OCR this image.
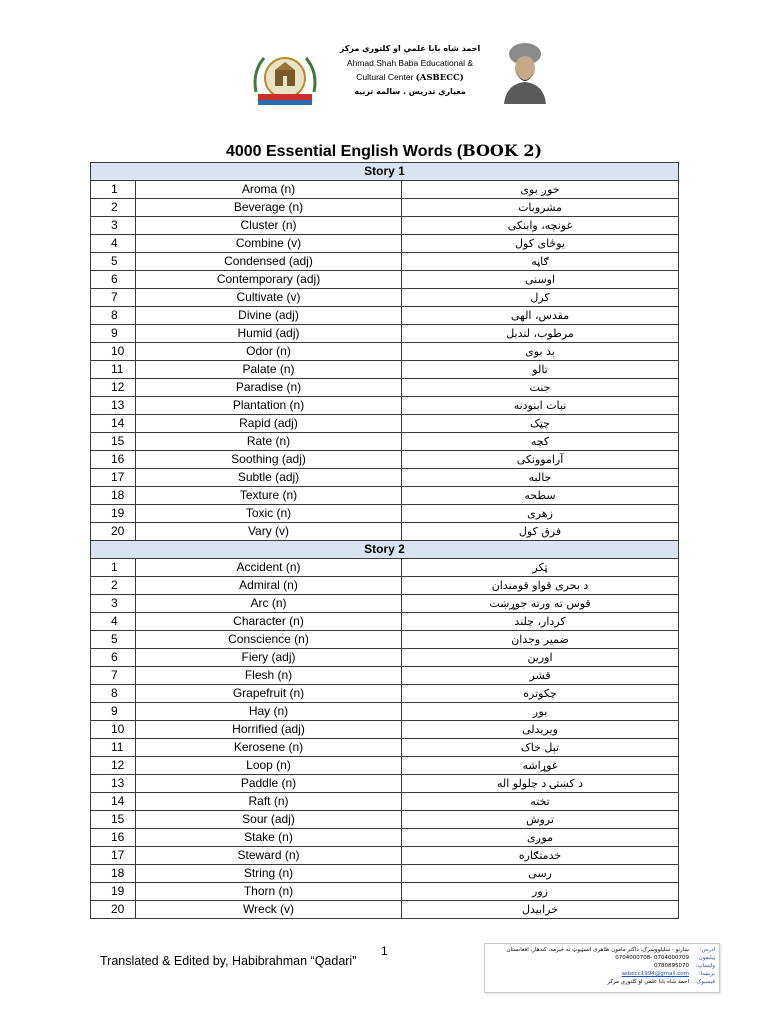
احمد شاه بابا علمي او کلتوري مرکز
Ahmad Shah Baba Educational &
Cultural Center (ASBECC)
معياري تدريس . سالمه تربيه
4000 Essential English Words (BOOK 2)
Story 1		
1	Aroma (n)	خوږ بوی
2	Beverage (n)	مشروبات
3	Cluster (n)	غونچه، وابنکی
4	Combine (v)	یوځای کول
5	Condensed (adj)	ګاڼه
6	Contemporary (adj)	اوسنی
7	Cultivate (v)	کرل
8	Divine (adj)	مقدس، الهی
9	Humid (adj)	مرطوب، لندبل
10	Odor (n)	بد بوی
11	Palate (n)	تالو
12	Paradise (n)	جنت
13	Plantation (n)	نبات ابنودنه
14	Rapid (adj)	چټک
15	Rate (n)	کچه
16	Soothing (adj)	آراموونکی
17	Subtle (adj)	جالبه
18	Texture (n)	سطحه
19	Toxic (n)	زهری
20	Vary (v)	فرق کول
Story 2		
1	Accident (n)	ټکر
2	Admiral (n)	د بحری قواو قومندان
3	Arc (n)	قوس ته ورته جوړښت
4	Character (n)	کردار، چلند
5	Conscience (n)	ضمیر وجدان
6	Fiery (adj)	اورین
7	Flesh (n)	قشر
8	Grapefruit (n)	چکوتره
9	Hay (n)	بوږ
10	Horrified (adj)	ویریدلی
11	Kerosene (n)	تېل خاک
12	Loop (n)	غوړاشه
13	Paddle (n)	د کښتۍ د چلولو اله
14	Raft (n)	تخته
15	Sour (adj)	تروش
16	Stake (n)	موږی
17	Steward (n)	خدمتګاره
18	String (n)	رسی
19	Thorn (n)	زور
20	Wreck (v)	خرابیدل
1
Translated & Edited by, Habibrahman “Qadari”
ادرس:
ښارنو - سلیلووسرک، داکتر مامون ظاهری انسټیوټ ته څیرمه، کندهار، افغانستان
ټیلیفون:
0704000709 -0704000708
واټساپ:
0780895070
برېښنا:
asbecc1994@gmail.com
فیسبوک:
احمد شاه بابا علمي او کلتوري مرکز
